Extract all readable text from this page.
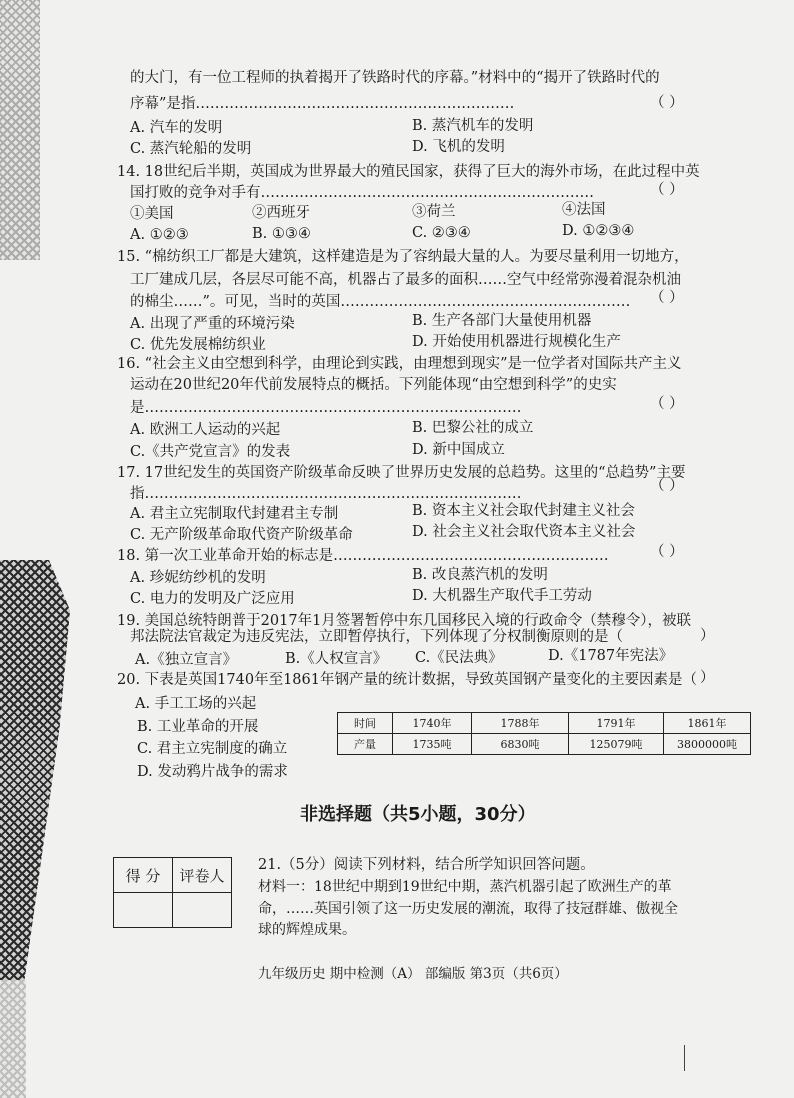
的大门，有一位工程师的执着揭开了铁路时代的序幕。”材料中的“揭开了铁路时代的
序幕”是指…………………………………………………………	（ ）
A. 汽车的发明	B. 蒸汽机车的发明
C. 蒸汽轮船的发明	D. 飞机的发明
14. 18世纪后半期，英国成为世界最大的殖民国家，获得了巨大的海外市场，在此过程中英
国打败的竞争对手有……………………………………………………………	（ ）
①美国	②西班牙	③荷兰	④法国
A. ①②③	B. ①③④	C. ②③④	D. ①②③④
15. “棉纺织工厂都是大建筑，这样建造是为了容纳最大量的人。为要尽量利用一切地方，
工厂建成几层，各层尽可能不高，机器占了最多的面积……空气中经常弥漫着混杂机油
的棉尘……”。可见，当时的英国…………………………………………………… （ ）
A. 出现了严重的环境污染	B. 生产各部门大量使用机器
C. 优先发展棉纺织业	D. 开始使用机器进行规模化生产
16. “社会主义由空想到科学，由理论到实践，由理想到现实”是一位学者对国际共产主义
运动在20世纪20年代前发展特点的概括。下列能体现“由空想到科学”的史实
是……………………………………………………………………	（ ）
A. 欧洲工人运动的兴起	B. 巴黎公社的成立
C.《共产党宣言》的发表	D. 新中国成立
17. 17世纪发生的英国资产阶级革命反映了世界历史发展的总趋势。这里的“总趋势”主要
指……………………………………………………………………	（ ）
A. 君主立宪制取代封建君主专制	B. 资本主义社会取代封建主义社会
C. 无产阶级革命取代资产阶级革命	D. 社会主义社会取代资本主义社会
18. 第一次工业革命开始的标志是…………………………………………………	（ ）
A. 珍妮纺纱机的发明	B. 改良蒸汽机的发明
C. 电力的发明及广泛应用	D. 大机器生产取代手工劳动
19. 美国总统特朗普于2017年1月签署暂停中东几国移民入境的行政命令（禁穆令），被联
邦法院法官裁定为违反宪法，立即暂停执行，下列体现了分权制衡原则的是（	）
A.《独立宣言》	B.《人权宣言》 C.《民法典》	D.《1787年宪法》
20. 下表是英国1740年至1861年钢产量的统计数据，导致英国钢产量变化的主要因素是（ ）
A. 手工工场的兴起
B. 工业革命的开展
C. 君主立宪制度的确立
D. 发动鸦片战争的需求
时间	1740年	1788年	1791年	1861年
产量	1735吨	6830吨	125079吨	3800000吨
非选择题（共5小题，30分）
得 分	评卷人

21.（5分）阅读下列材料，结合所学知识回答问题。
材料一：18世纪中期到19世纪中期，蒸汽机器引起了欧洲生产的革
命，……英国引领了这一历史发展的潮流，取得了技冠群雄、傲视全
球的辉煌成果。
九年级历史 期中检测（A） 部编版 第3页（共6页）
